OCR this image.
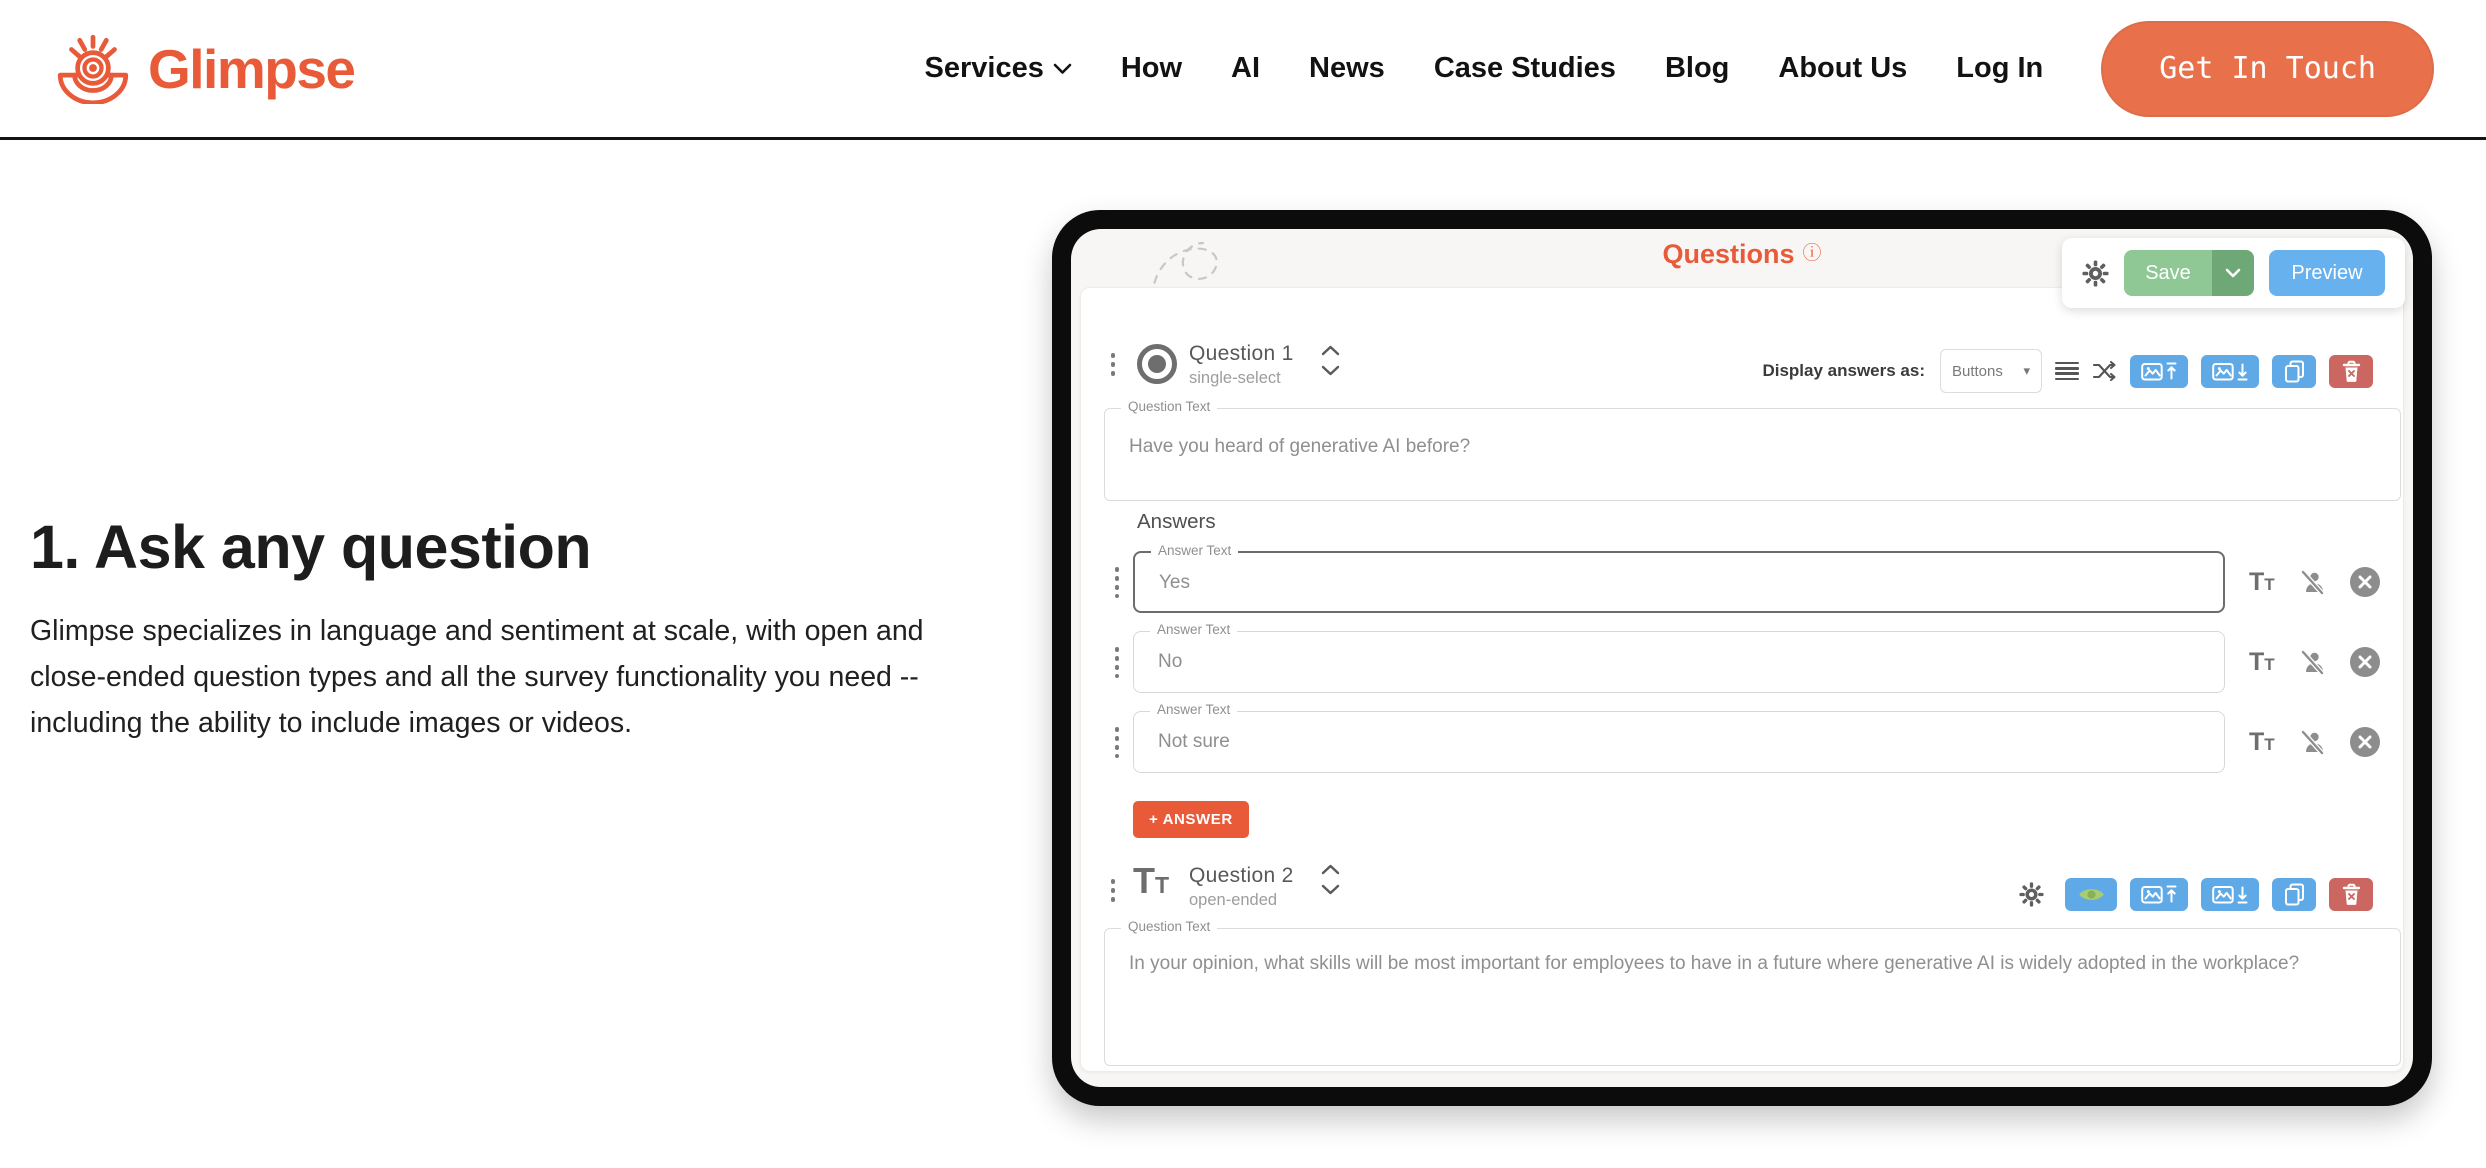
Glimpse	Services	How AI News Case Studies Blog About Us Log In	Get In Touch
1. Ask any question

Glimpse specializes in language and sentiment at scale, with open and close-ended question types and all the survey functionality you need -- including the ability to include images or videos.

Questions ⓘ
Save	Preview
Question 1
single-select	Display answers as: Buttons ▾
Question Text
Have you heard of generative AI before?
Answers
Answer Text
Yes	TT
Answer Text
No	TT
Answer Text
Not sure	TT
+ ANSWER
TT Question 2
open-ended
Question Text
In your opinion, what skills will be most important for employees to have in a future where generative AI is widely adopted in the workplace?
